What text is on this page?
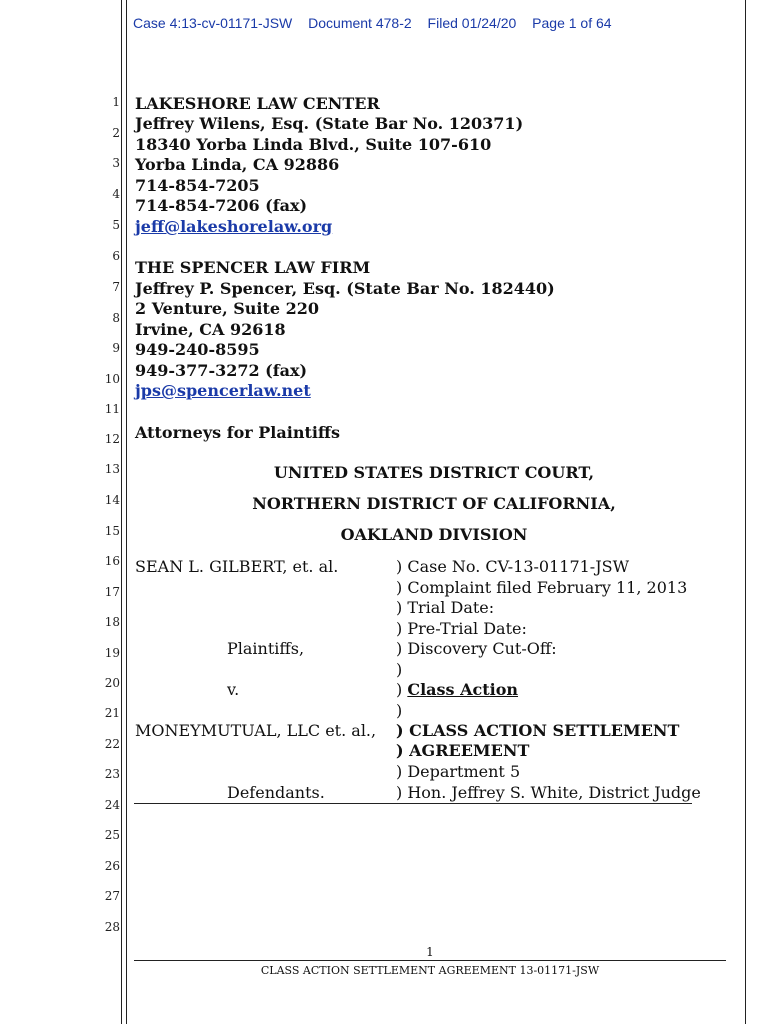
Case 4:13-cv-01171-JSW Document 478-2 Filed 01/24/20 Page 1 of 64
1
2
3
4
5
6
7
8
9
10
11
12
13
14
15
16
17
18
19
20
21
22
23
24
25
26
27
28
LAKESHORE LAW CENTER
Jeffrey Wilens, Esq. (State Bar No. 120371)
18340 Yorba Linda Blvd., Suite 107-610
Yorba Linda, CA 92886
714-854-7205
714-854-7206 (fax)
jeff@lakeshorelaw.org
THE SPENCER LAW FIRM
Jeffrey P. Spencer, Esq. (State Bar No. 182440)
2 Venture, Suite 220
Irvine, CA 92618
949-240-8595
949-377-3272 (fax)
jps@spencerlaw.net
Attorneys for Plaintiffs
UNITED STATES DISTRICT COURT,
NORTHERN DISTRICT OF CALIFORNIA,
OAKLAND DIVISION
SEAN L. GILBERT, et. al.
Plaintiffs,
v.
MONEYMUTUAL, LLC et. al.,
Defendants.
) Case No. CV-13-01171-JSW
) Complaint filed February 11, 2013
) Trial Date:
) Pre-Trial Date:
) Discovery Cut-Off:
)
) Class Action
)
) CLASS ACTION SETTLEMENT
) AGREEMENT
) Department 5
) Hon. Jeffrey S. White, District Judge
1
CLASS ACTION SETTLEMENT AGREEMENT 13-01171-JSW
